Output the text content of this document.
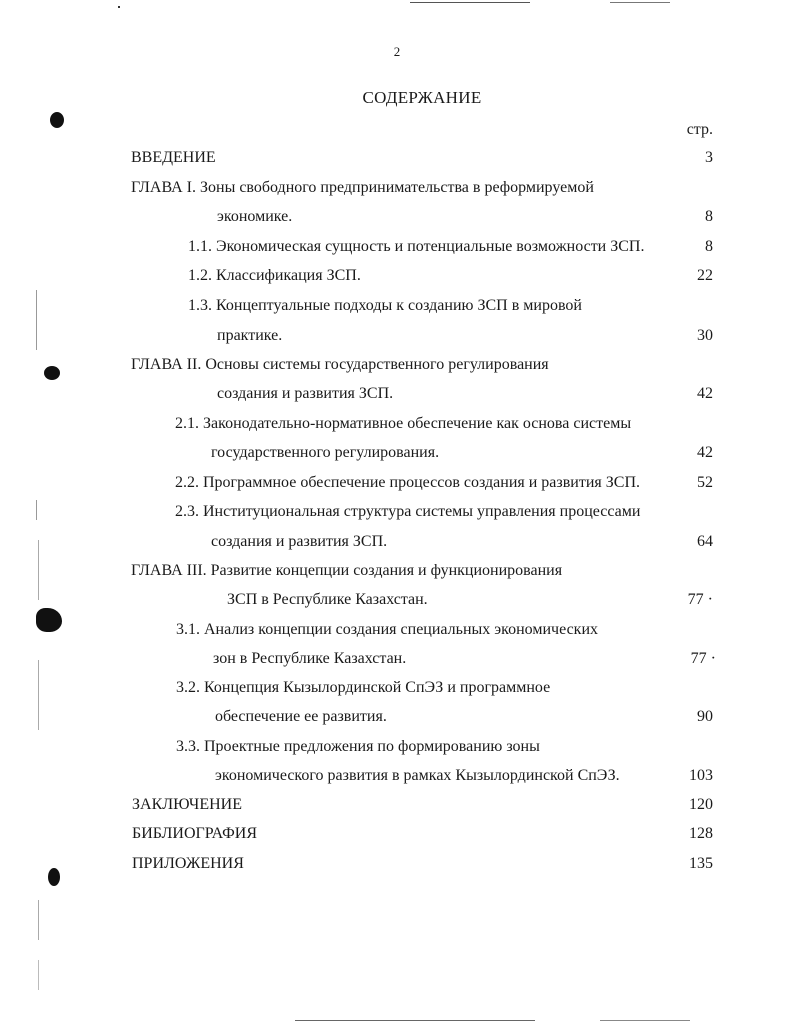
2
СОДЕРЖАНИЕ
стр.
ВВЕДЕНИЕ	3
ГЛАВА I. Зоны свободного предпринимательства в реформируемой
экономике.	8
1.1. Экономическая сущность и потенциальные возможности ЗСП.	8
1.2. Классификация ЗСП.	22
1.3. Концептуальные подходы к созданию ЗСП в мировой
практике.	30
ГЛАВА II. Основы системы государственного регулирования
создания и развития ЗСП.	42
2.1. Законодательно-нормативное обеспечение как основа системы
государственного регулирования.	42
2.2. Программное обеспечение процессов создания и развития ЗСП.	52
2.3. Институциональная структура системы управления процессами
создания и развития ЗСП.	64
ГЛАВА III. Развитие концепции создания и функционирования
ЗСП в Республике Казахстан.	77 ·
3.1. Анализ концепции создания специальных экономических
зон в Республике Казахстан.	77 ·
3.2. Концепция Кызылординской СпЭЗ и программное
обеспечение ее развития.	90
3.3. Проектные предложения по формированию зоны
экономического развития в рамках Кызылординской СпЭЗ.	103
ЗАКЛЮЧЕНИЕ	120
БИБЛИОГРАФИЯ	128
ПРИЛОЖЕНИЯ	135
